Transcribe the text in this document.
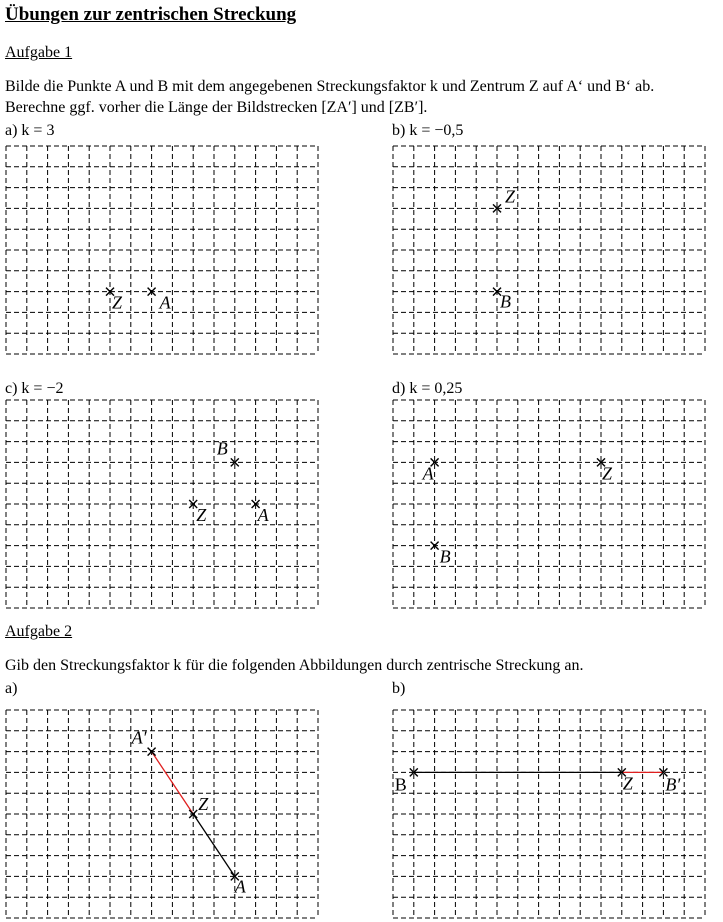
Übungen zur zentrischen Streckung
Aufgabe 1
Bilde die Punkte A und B mit dem angegebenen Streckungsfaktor k und Zentrum Z auf A‘ und B‘ ab.
Berechne ggf. vorher die Länge der Bildstrecken [ZA′] und [ZB′].
a) k = 3	b) k = −0,5
Z A
Z
B
c) k = −2	d) k = 0,25
B
Z	A
A	Z
B
Aufgabe 2
Gib den Streckungsfaktor k für die folgenden Abbildungen durch zentrische Streckung an.
a)	b)
A′
Z
A
B	Z B′
